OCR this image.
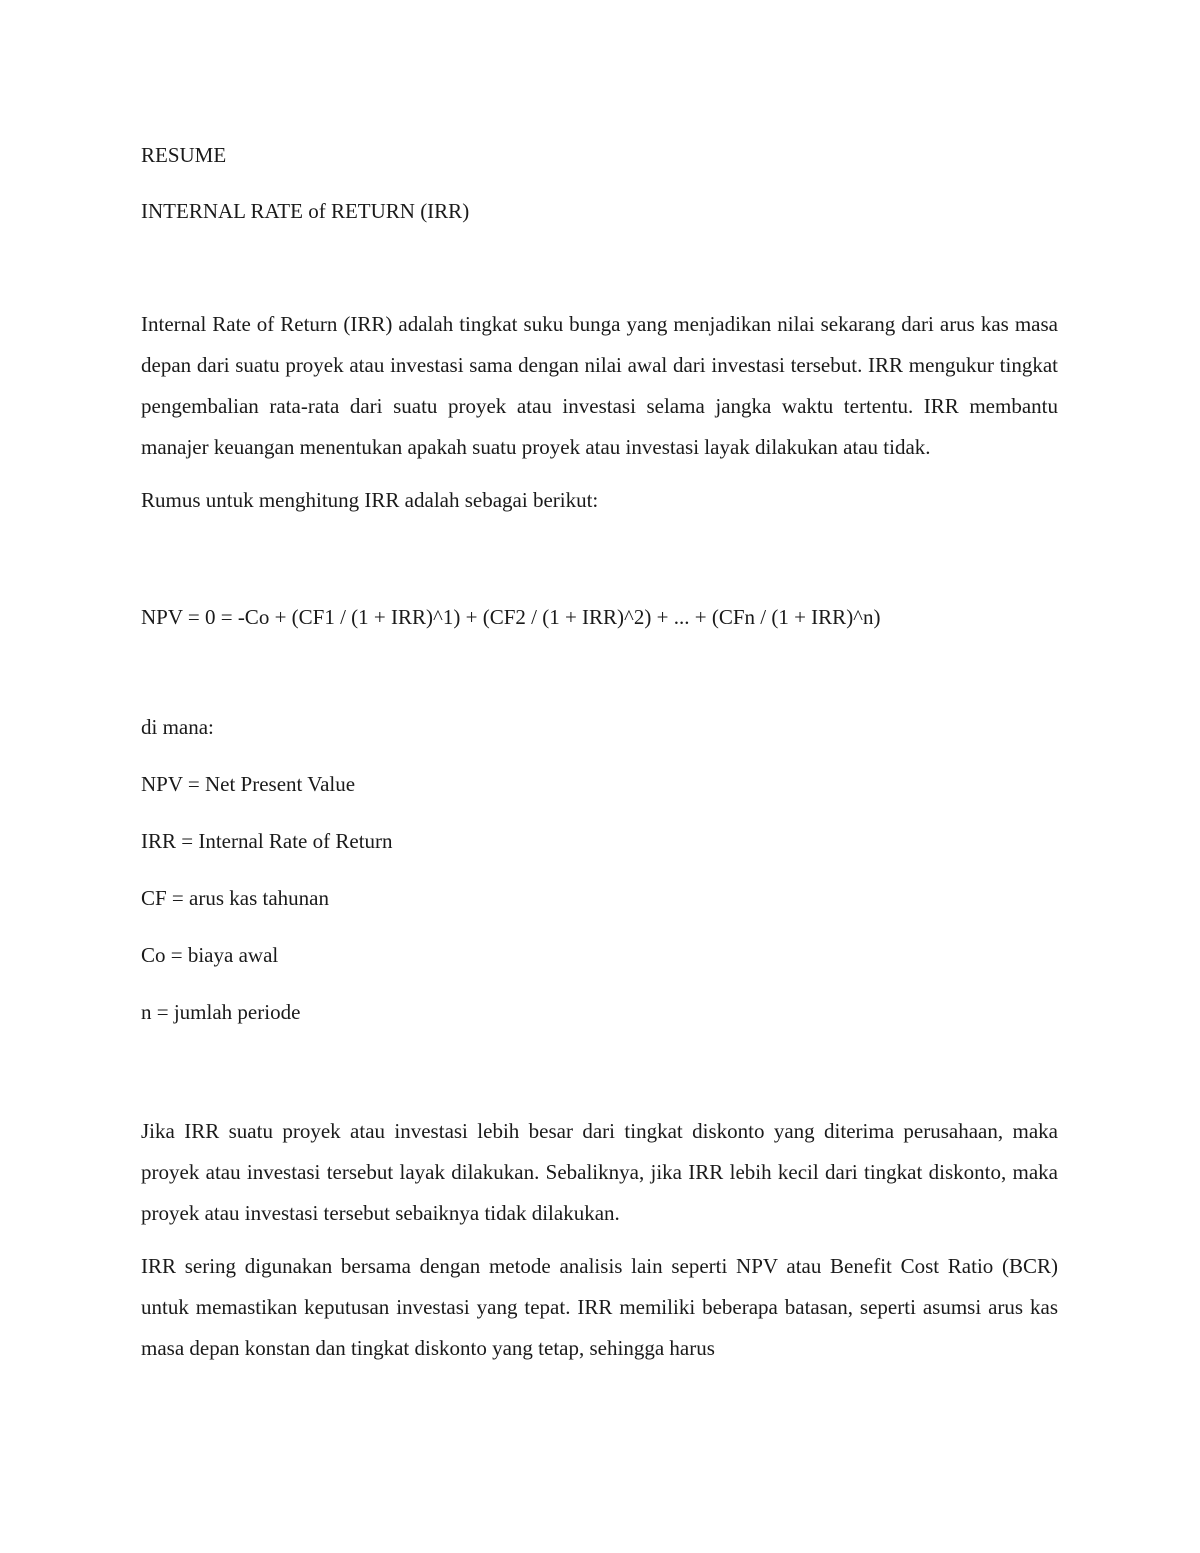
RESUME

INTERNAL RATE of RETURN (IRR)

Internal Rate of Return (IRR) adalah tingkat suku bunga yang menjadikan nilai sekarang dari arus kas masa depan dari suatu proyek atau investasi sama dengan nilai awal dari investasi tersebut. IRR mengukur tingkat pengembalian rata-rata dari suatu proyek atau investasi selama jangka waktu tertentu. IRR membantu manajer keuangan menentukan apakah suatu proyek atau investasi layak dilakukan atau tidak.

Rumus untuk menghitung IRR adalah sebagai berikut:

NPV = 0 = -Co + (CF1 / (1 + IRR)^1) + (CF2 / (1 + IRR)^2) + ... + (CFn / (1 + IRR)^n)

di mana:

NPV = Net Present Value

IRR = Internal Rate of Return

CF = arus kas tahunan

Co = biaya awal

n = jumlah periode

Jika IRR suatu proyek atau investasi lebih besar dari tingkat diskonto yang diterima perusahaan, maka proyek atau investasi tersebut layak dilakukan. Sebaliknya, jika IRR lebih kecil dari tingkat diskonto, maka proyek atau investasi tersebut sebaiknya tidak dilakukan.

IRR sering digunakan bersama dengan metode analisis lain seperti NPV atau Benefit Cost Ratio (BCR) untuk memastikan keputusan investasi yang tepat. IRR memiliki beberapa batasan, seperti asumsi arus kas masa depan konstan dan tingkat diskonto yang tetap, sehingga harus
